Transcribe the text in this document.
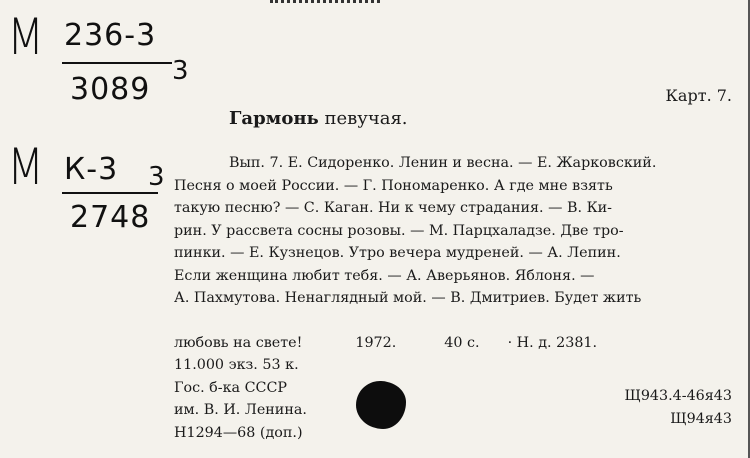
М 236-3
3089
3
М К-3
2748
3
Карт. 7.
Гармонь певучая.
Вып. 7. Е. Сидоренко. Ленин и весна. — Е. Жарковский.
Песня о моей России. — Г. Пономаренко. А где мне взять
такую песню? — С. Каган. Ни к чему страдания. — В. Ки-
рин. У рассвета сосны розовы. — М. Парцхаладзе. Две тро-
пинки. — Е. Кузнецов. Утро вечера мудреней. — А. Лепин.
Если женщина любит тебя. — А. Аверьянов. Яблоня. —
А. Пахмутова. Ненаглядный мой. — В. Дмитриев. Будет жить
любовь на свете!	1972.	40 с. · Н. д. 2381.
11.000 экз. 53 к.
Гос. б-ка СССР
им. В. И. Ленина.
Н1294—68 (доп.)
Щ943.4-46я43
Щ94я43
